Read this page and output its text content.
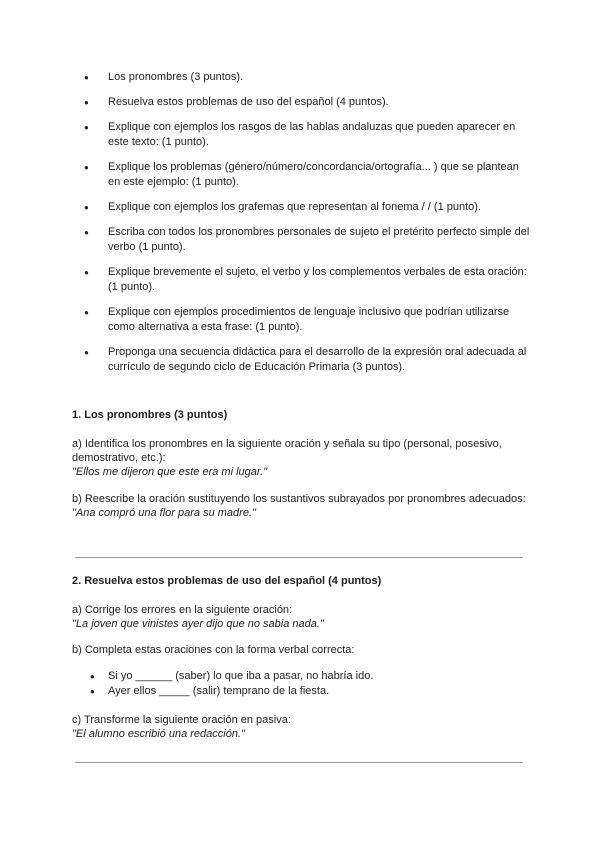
● Los pronombres (3 puntos).
● Resuelva estos problemas de uso del español (4 puntos).
● Explique con ejemplos los rasgos de las hablas andaluzas que pueden aparecer en este texto: (1 punto).
● Explique los problemas (género/número/concordancia/ortografía... ) que se plantean en este ejemplo: (1 punto).
● Explique con ejemplos los grafemas que representan al fonema / / (1 punto).
● Escriba con todos los pronombres personales de sujeto el pretérito perfecto simple del verbo (1 punto).
● Explique brevemente el sujeto, el verbo y los complementos verbales de esta oración: (1 punto).
● Explique con ejemplos procedimientos de lenguaje inclusivo que podrían utilizarse como alternativa a esta frase: (1 punto).
● Proponga una secuencia didáctica para el desarrollo de la expresión oral adecuada al currículo de segundo ciclo de Educación Primaria (3 puntos).
1. Los pronombres (3 puntos)
a) Identifica los pronombres en la siguiente oración y señala su tipo (personal, posesivo, demostrativo, etc.):
"Ellos me dijeron que este era mi lugar."
b) Reescribe la oración sustituyendo los sustantivos subrayados por pronombres adecuados:
"Ana compró una flor para su madre."
2. Resuelva estos problemas de uso del español (4 puntos)
a) Corrige los errores en la siguiente oración:
"La joven que vinistes ayer dijo que no sabia nada."
b) Completa estas oraciones con la forma verbal correcta:
● Si yo ______ (saber) lo que iba a pasar, no habría ido.
● Ayer ellos _____ (salir) temprano de la fiesta.
c) Transforme la siguiente oración en pasiva:
"El alumno escribió una redacción."
